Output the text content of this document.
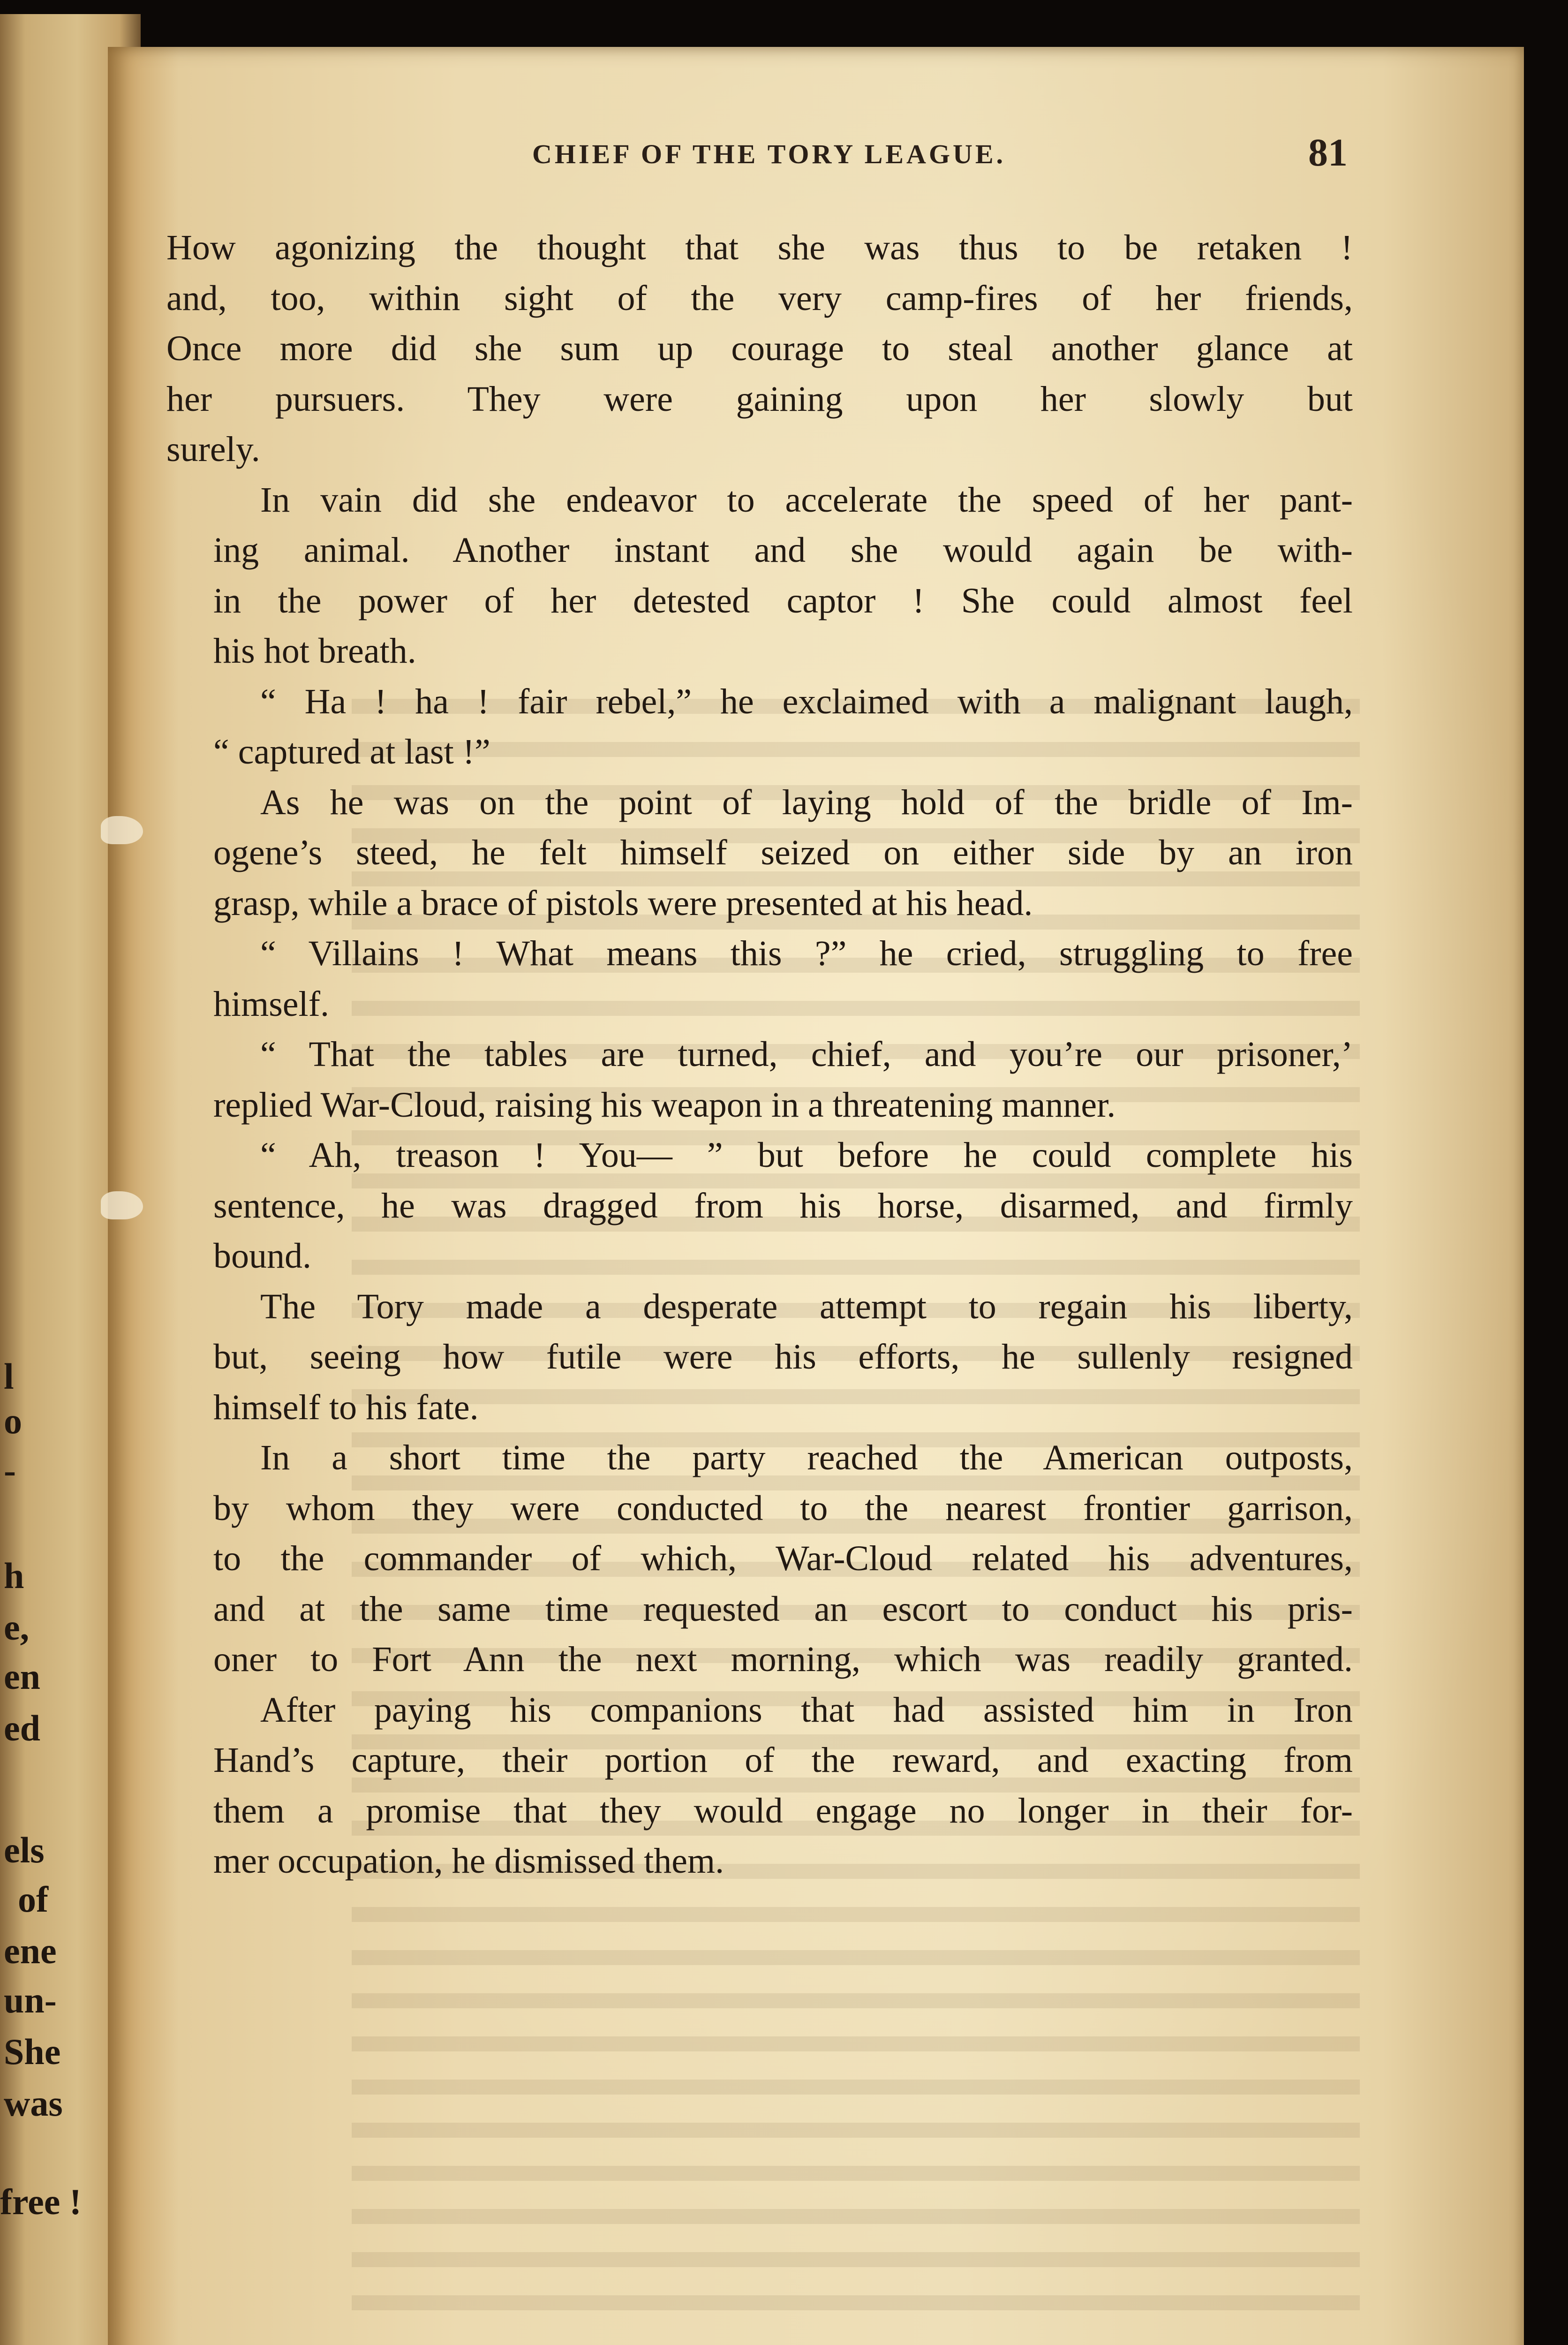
l
o
-
h
e,
en
ed
els
of
ene
un-
She
was
free !
CHIEF OF THE TORY LEAGUE.	81

How agonizing the thought that she was thus to be retaken !
and, too, within sight of the very camp-fires of her friends,
Once more did she sum up courage to steal another glance at
her pursuers. They were gaining upon her slowly but
surely.

In vain did she endeavor to accelerate the speed of her pant-
ing animal. Another instant and she would again be with-
in the power of her detested captor ! She could almost feel
his hot breath.

“ Ha ! ha ! fair rebel,” he exclaimed with a malignant laugh,
“ captured at last !”

As he was on the point of laying hold of the bridle of Im-
ogene’s steed, he felt himself seized on either side by an iron
grasp, while a brace of pistols were presented at his head.

“ Villains ! What means this ?” he cried, struggling to free
himself.

“ That the tables are turned, chief, and you’re our prisoner,’
replied War-Cloud, raising his weapon in a threatening manner.

“ Ah, treason ! You— ” but before he could complete his
sentence, he was dragged from his horse, disarmed, and firmly
bound.

The Tory made a desperate attempt to regain his liberty,
but, seeing how futile were his efforts, he sullenly resigned
himself to his fate.

In a short time the party reached the American outposts,
by whom they were conducted to the nearest frontier garrison,
to the commander of which, War-Cloud related his adventures,
and at the same time requested an escort to conduct his pris-
oner to Fort Ann the next morning, which was readily granted.

After paying his companions that had assisted him in Iron
Hand’s capture, their portion of the reward, and exacting from
them a promise that they would engage no longer in their for-
mer occupation, he dismissed them.
